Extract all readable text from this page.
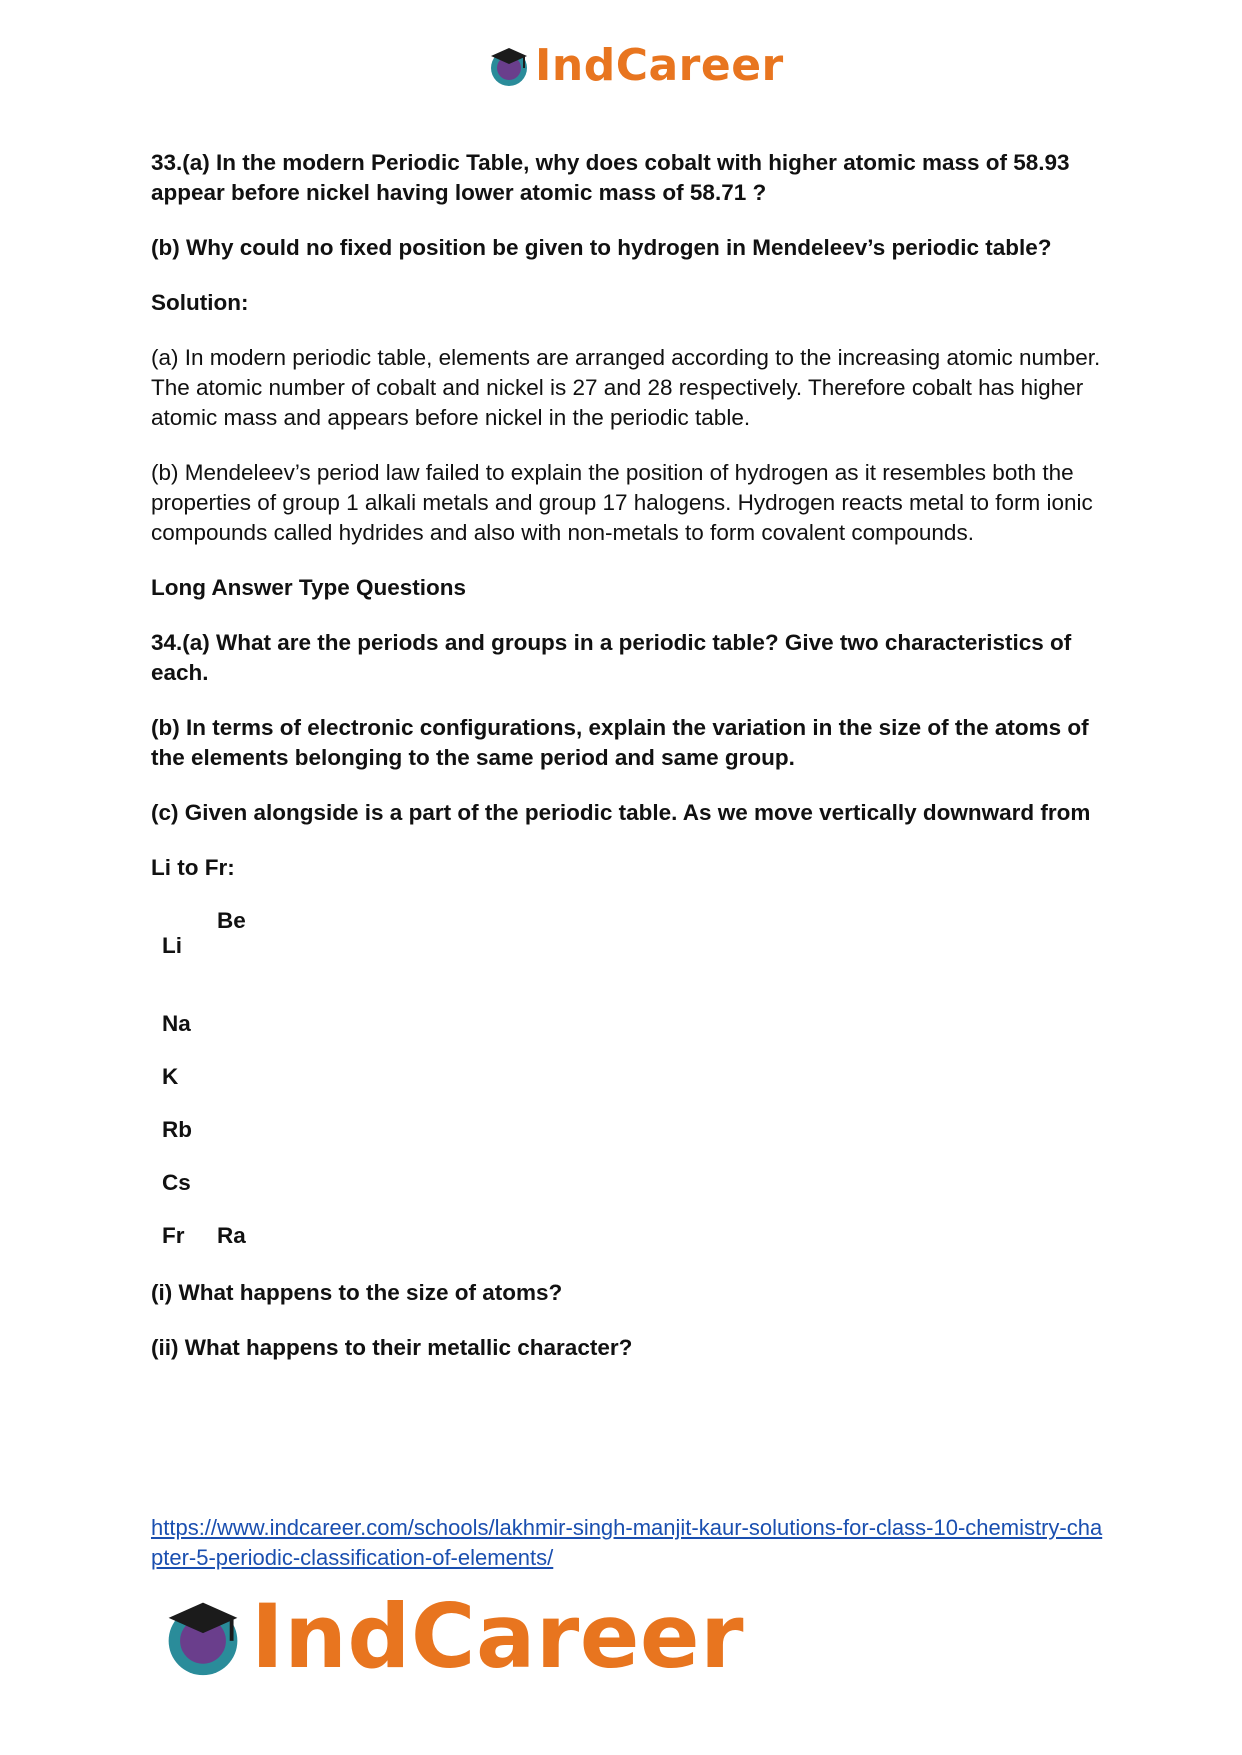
IndCareer

33.(a) In the modern Periodic Table, why does cobalt with higher atomic mass of 58.93 appear before nickel having lower atomic mass of 58.71 ?

(b) Why could no fixed position be given to hydrogen in Mendeleev’s periodic table?

Solution:

(a) In modern periodic table, elements are arranged according to the increasing atomic number. The atomic number of cobalt and nickel is 27 and 28 respectively. Therefore cobalt has higher atomic mass and appears before nickel in the periodic table.

(b) Mendeleev’s period law failed to explain the position of hydrogen as it resembles both the properties of group 1 alkali metals and group 17 halogens. Hydrogen reacts metal to form ionic compounds called hydrides and also with non-metals to form covalent compounds.

Long Answer Type Questions

34.(a) What are the periods and groups in a periodic table? Give two characteristics of each.

(b) In terms of electronic configurations, explain the variation in the size of the atoms of the elements belonging to the same period and same group.

(c) Given alongside is a part of the periodic table. As we move vertically downward from

Li to Fr:

Be
Li
Na
K
Rb
Cs
Fr Ra

(i) What happens to the size of atoms?

(ii) What happens to their metallic character?

https://www.indcareer.com/schools/lakhmir-singh-manjit-kaur-solutions-for-class-10-chemistry-chapter-5-periodic-classification-of-elements/
IndCareer
